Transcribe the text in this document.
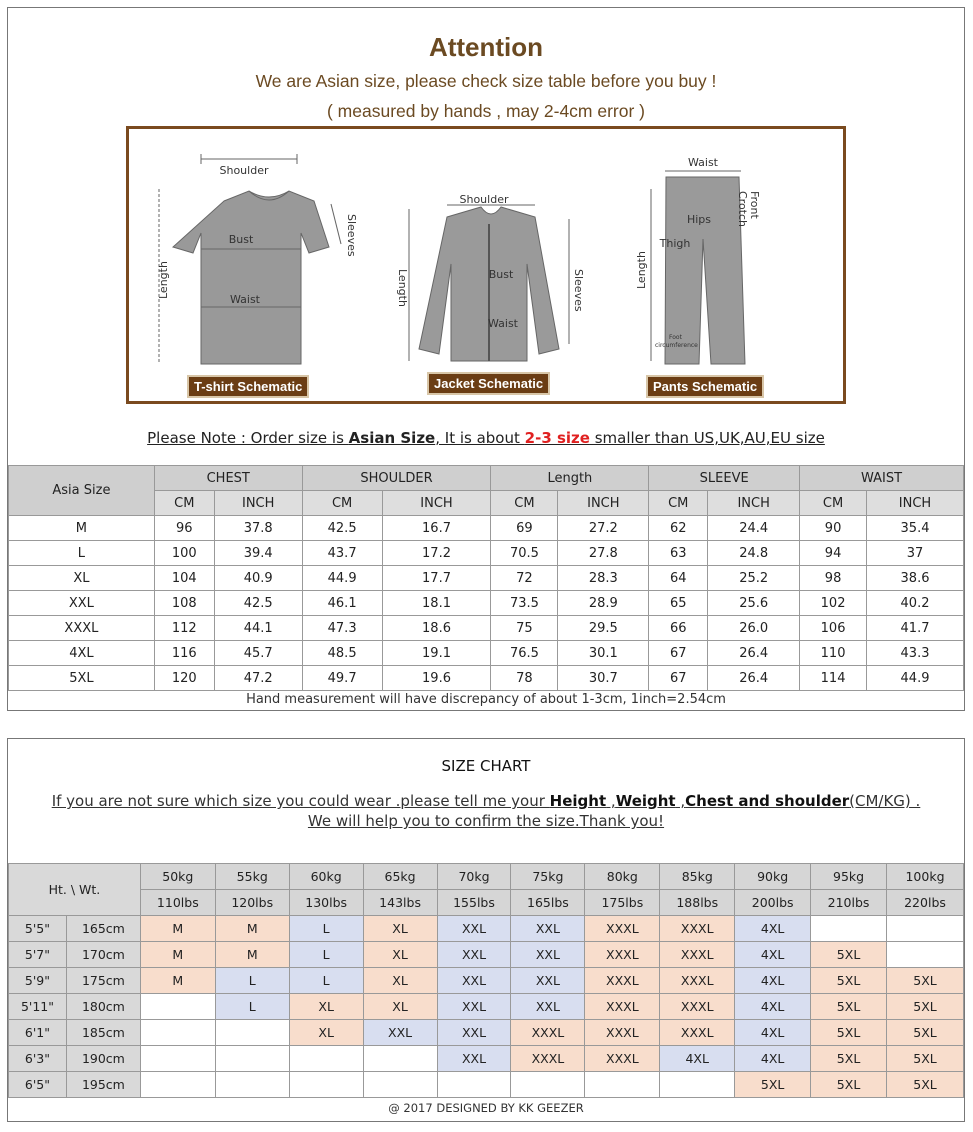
Attention
We are Asian size, please check size table before you buy !
( measured by hands , may 2-4cm error )
Shoulder
Bust
Waist
Sleeves
Length
Shoulder
Bust
Waist
Length	Sleeves
Waist
Hips
Thigh
Front
Crotch
Length
Foot
circumference
T-shirt Schematic	Jacket Schematic	Pants Schematic
Please Note : Order size is Asian Size, It is about 2-3 size smaller than US,UK,AU,EU size
Asia Size	CHEST		SHOULDER		Length		SLEEVE		WAIST	
	CM	INCH	CM	INCH	CM	INCH	CM	INCH	CM	INCH
M	96	37.8	42.5	16.7	69	27.2	62	24.4	90	35.4
L	100	39.4	43.7	17.2	70.5	27.8	63	24.8	94	37
XL	104	40.9	44.9	17.7	72	28.3	64	25.2	98	38.6
XXL	108	42.5	46.1	18.1	73.5	28.9	65	25.6	102	40.2
XXXL	112	44.1	47.3	18.6	75	29.5	66	26.0	106	41.7
4XL	116	45.7	48.5	19.1	76.5	30.1	67	26.4	110	43.3
5XL	120	47.2	49.7	19.6	78	30.7	67	26.4	114	44.9
Hand measurement will have discrepancy of about 1-3cm, 1inch=2.54cm
SIZE CHART
If you are not sure which size you could wear .please tell me your Height ,Weight ,Chest and shoulder(CM/KG) .
We will help you to confirm the size.Thank you!
Ht. \ Wt.		50kg	55kg	60kg	65kg	70kg	75kg	80kg	85kg	90kg	95kg	100kg
		110lbs	120lbs	130lbs	143lbs	155lbs	165lbs	175lbs	188lbs	200lbs	210lbs	220lbs
5'5"	165cm	M	M	L	XL	XXL	XXL	XXXL	XXXL	4XL		
5'7"	170cm	M	M	L	XL	XXL	XXL	XXXL	XXXL	4XL	5XL	
5'9"	175cm	M	L	L	XL	XXL	XXL	XXXL	XXXL	4XL	5XL	5XL
5'11"	180cm		L	XL	XL	XXL	XXL	XXXL	XXXL	4XL	5XL	5XL
6'1"	185cm			XL	XXL	XXL	XXXL	XXXL	XXXL	4XL	5XL	5XL
6'3"	190cm					XXL	XXXL	XXXL	4XL	4XL	5XL	5XL
6'5"	195cm									5XL	5XL	5XL
@ 2017 DESIGNED BY KK GEEZER
